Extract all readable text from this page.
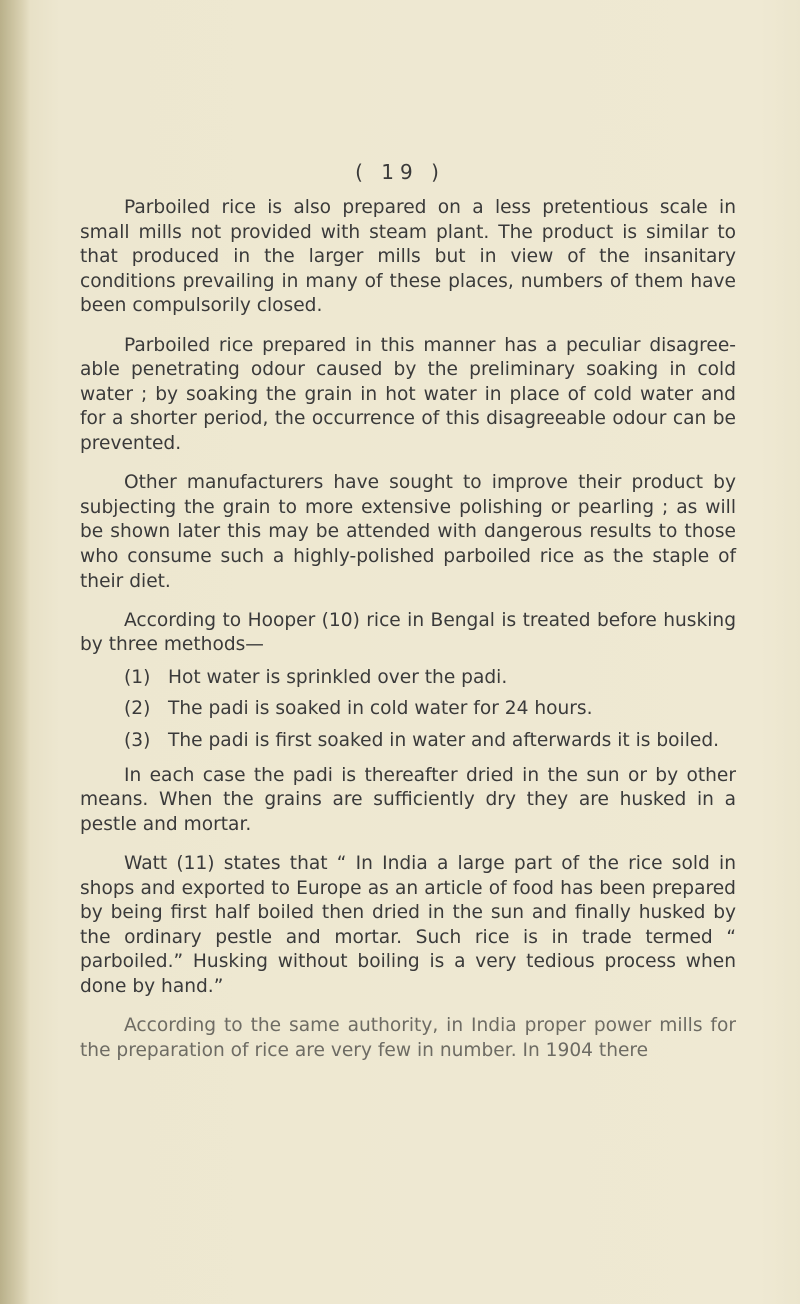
( 19 )

Parboiled rice is also prepared on a less pretentious scale in small mills not provided with steam plant. The product is similar to that produced in the larger mills but in view of the insanitary conditions prevailing in many of these places, numbers of them have been compulsorily closed.

Parboiled rice prepared in this manner has a peculiar disagree-able penetrating odour caused by the preliminary soaking in cold water ; by soaking the grain in hot water in place of cold water and for a shorter period, the occurrence of this disagreeable odour can be prevented.

Other manufacturers have sought to improve their product by subjecting the grain to more extensive polishing or pearling ; as will be shown later this may be attended with dangerous results to those who consume such a highly-polished parboiled rice as the staple of their diet.

According to Hooper (10) rice in Bengal is treated before husking by three methods—

(1) Hot water is sprinkled over the padi.
(2) The padi is soaked in cold water for 24 hours.
(3) The padi is first soaked in water and afterwards it is boiled.

In each case the padi is thereafter dried in the sun or by other means. When the grains are sufficiently dry they are husked in a pestle and mortar.

Watt (11) states that “ In India a large part of the rice sold in shops and exported to Europe as an article of food has been prepared by being first half boiled then dried in the sun and finally husked by the ordinary pestle and mortar. Such rice is in trade termed “ parboiled.” Husking without boiling is a very tedious process when done by hand.”

According to the same authority, in India proper power mills for the preparation of rice are very few in number. In 1904 there
